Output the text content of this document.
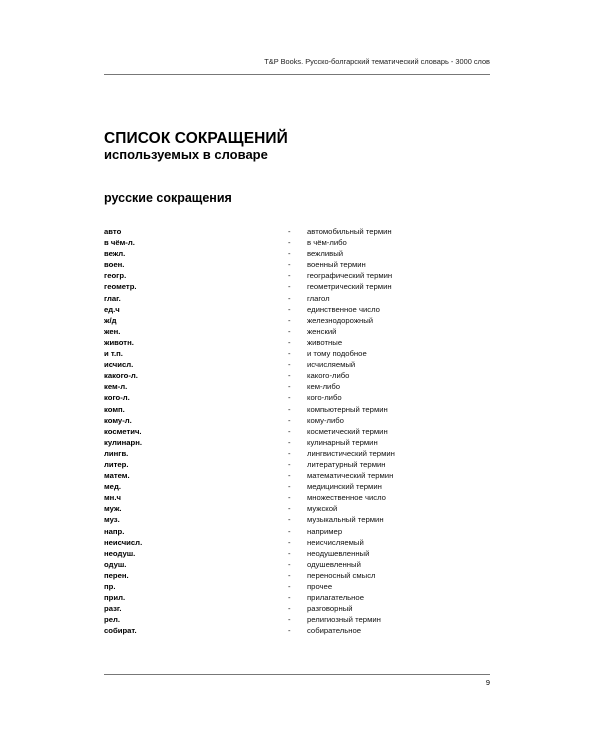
T&P Books. Русско-болгарский тематический словарь - 3000 слов
СПИСОК СОКРАЩЕНИЙ
используемых в словаре
русские сокращения
авто	- автомобильный термин
в чём-л.	- в чём-либо
вежл.	- вежливый
воен.	- военный термин
геогр.	- географический термин
геометр.	- геометрический термин
глаг.	- глагол
ед.ч	- единственное число
ж/д	- железнодорожный
жен.	- женский
животн.	- животные
и т.п.	- и тому подобное
исчисл.	- исчисляемый
какого-л.	- какого-либо
кем-л.	- кем-либо
кого-л.	- кого-либо
комп.	- компьютерный термин
кому-л.	- кому-либо
косметич.	- косметический термин
кулинарн.	- кулинарный термин
лингв.	- лингвистический термин
литер.	- литературный термин
матем.	- математический термин
мед.	- медицинский термин
мн.ч	- множественное число
муж.	- мужской
муз.	- музыкальный термин
напр.	- например
неисчисл.	- неисчисляемый
неодуш.	- неодушевленный
одуш.	- одушевленный
перен.	- переносный смысл
пр.	- прочее
прил.	- прилагательное
разг.	- разговорный
рел.	- религиозный термин
собират.	- собирательное
9
